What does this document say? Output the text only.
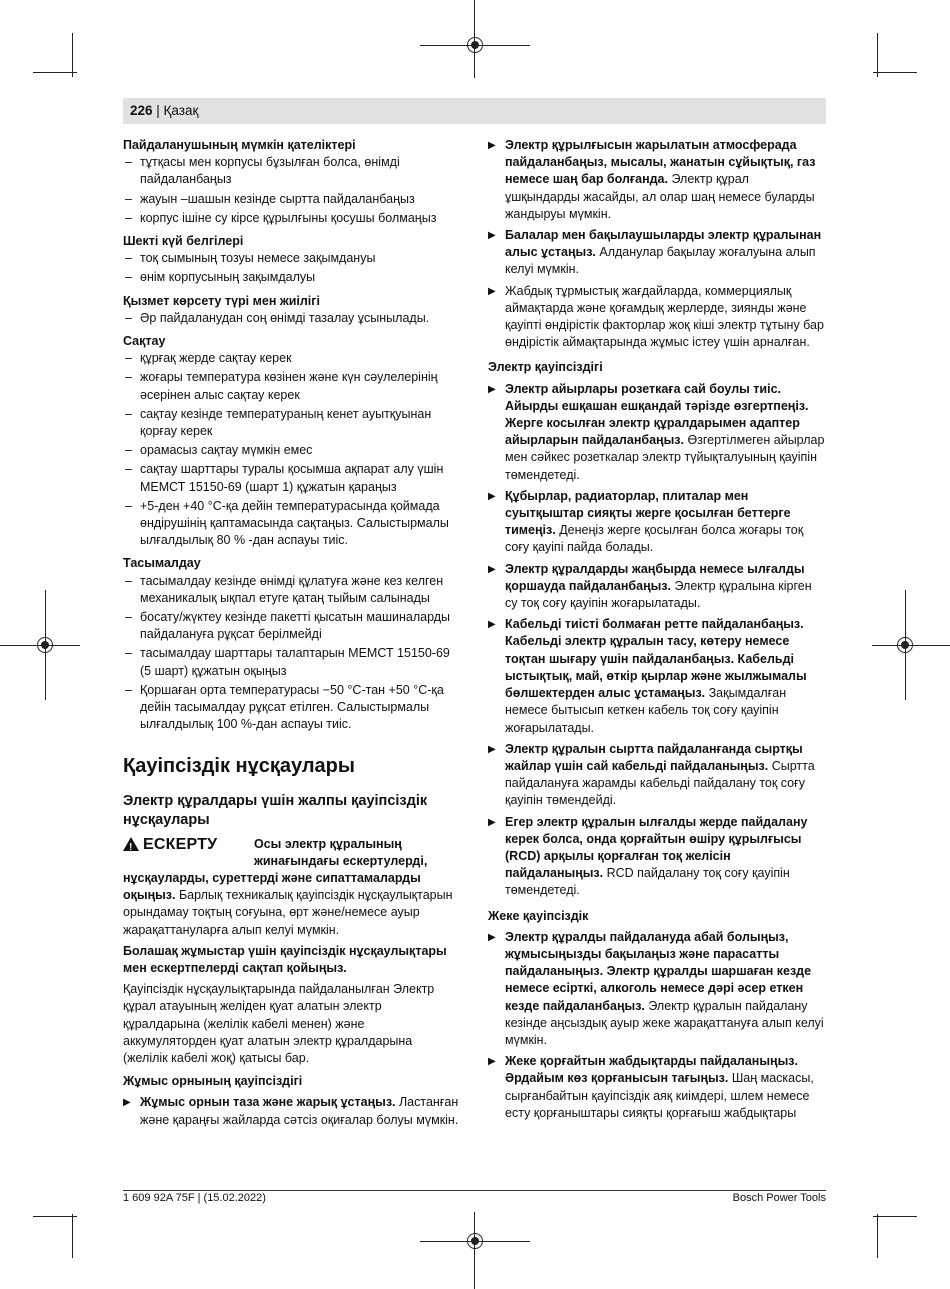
226 | Қазақ
Пайдаланушының мүмкін қателіктері
– тұтқасы мен корпусы бұзылған болса, өнімді пайдаланбаңыз
– жауын –шашын кезінде сыртта пайдаланбаңыз
– корпус ішіне су кірсе құрылғыны қосушы болмаңыз
Шекті күй белгілері
– тоқ сымының тозуы немесе зақымдануы
– өнім корпусының зақымдалуы
Қызмет көрсету түрі мен жиілігі
– Әр пайдаланудан соң өнімді тазалау ұсынылады.
Сақтау
– құрғақ жерде сақтау керек
– жоғары температура көзінен және күн сәулелерінің әсерінен алыс сақтау керек
– сақтау кезінде температураның кенет ауытқуынан қорғау керек
– орамасыз сақтау мүмкін емес
– сақтау шарттары туралы қосымша ақпарат алу үшін МЕМСТ 15150-69 (шарт 1) құжатын қараңыз
– +5-ден +40 °C-қа дейін температурасында қоймада өндірушінің қаптамасында сақтаңыз. Салыстырмалы ылғалдылық 80 % -дан аспауы тиіс.
Тасымалдау
– тасымалдау кезінде өнімді құлатуға және кез келген механикалық ықпал етуге қатаң тыйым салынады
– босату/жүктеу кезінде пакетті қысатын машиналарды пайдалануға рұқсат берілмейді
– тасымалдау шарттары талаптарын МЕМСТ 15150-69 (5 шарт) құжатын оқыңыз
– Қоршаған орта температурасы −50 °C-тан +50 °C-қа дейін тасымалдау рұқсат етілген. Салыстырмалы ылғалдылық 100 %-дан аспауы тиіс.
Қауіпсіздік нұсқаулары
Электр құралдары үшін жалпы қауіпсіздік нұсқаулары
! ЕСКЕРТУ	Осы электр құралының жинағындағы ескертулерді,
нұсқауларды, суреттерді және сипаттамаларды оқыңыз. Барлық техникалық қауіпсіздік нұсқаулықтарын орындамау тоқтың соғуына, өрт және/немесе ауыр жарақаттануларға алып келуі мүмкін.
Болашақ жұмыстар үшін қауіпсіздік нұсқаулықтары мен ескертпелерді сақтап қойыңыз.
Қауіпсіздік нұсқаулықтарында пайдаланылған Электр құрал атауының желіден қуат алатын электр құралдарына (желілік кабелі менен) және аккумуляторден қуат алатын электр құралдарына (желілік кабелі жоқ) қатысы бар.
Жұмыс орнының қауіпсіздігі
▶ Жұмыс орнын таза және жарық ұстаңыз. Ластанған және қараңғы жайларда сәтсіз оқиғалар болуы мүмкін.
▶ Электр құрылғысын жарылатын атмосферада пайдаланбаңыз, мысалы, жанатын сұйықтық, газ немесе шаң бар болғанда. Электр құрал ұшқындарды жасайды, ал олар шаң немесе буларды жандыруы мүмкін.
▶ Балалар мен бақылаушыларды электр құралынан алыс ұстаңыз. Алданулар бақылау жоғалуына алып келуі мүмкін.
▶ Жабдық тұрмыстық жағдайларда, коммерциялық аймақтарда және қоғамдық жерлерде, зиянды және қауіпті өндірістік факторлар жоқ кіші электр тұтыну бар өндірістік аймақтарында жұмыс істеу үшін арналған.
Электр қауіпсіздігі
▶ Электр айырлары розеткаға сай боулы тиіс. Айырды ешқашан ешқандай тәрізде өзгертпеңіз. Жерге косылған электр құралдарымен адаптер айырларын пайдаланбаңыз. Өзгертілмеген айырлар мен сәйкес розеткалар электр түйықталуының қауіпін төмендетеді.
▶ Құбырлар, радиаторлар, плиталар мен суытқыштар сияқты жерге қосылған беттерге тимеңіз. Денеңіз жерге қосылған болса жоғары тоқ соғу қауіпі пайда болады.
▶ Электр құралдарды жаңбырда немесе ылғалды қоршауда пайдаланбаңыз. Электр құралына кірген су тоқ соғу қауіпін жоғарылатады.
▶ Кабельді тиісті болмаған ретте пайдаланбаңыз. Кабельді электр құралын тасу, көтеру немесе тоқтан шығару үшін пайдаланбаңыз. Кабельді ыстықтық, май, өткір қырлар және жылжымалы бөлшектерден алыс ұстамаңыз. Зақымдалған немесе бытысып кеткен кабель тоқ соғу қауіпін жоғарылатады.
▶ Электр құралын сыртта пайдаланғанда сыртқы жайлар үшін сай кабельді пайдаланыңыз. Сыртта пайдалануға жарамды кабельді пайдалану тоқ соғу қауіпін төмендейді.
▶ Егер электр құралын ылғалды жерде пайдалану керек болса, онда қорғайтын өшіру құрылғысы (RCD) арқылы қорғалған тоқ желісін пайдаланыңыз. RCD пайдалану тоқ соғу қауіпін төмендетеді.
Жеке қауіпсіздік
▶ Электр құралды пайдалануда абай болыңыз, жұмысыңызды бақылаңыз және парасатты пайдаланыңыз. Электр құралды шаршаған кезде немесе есірткі, алкоголь немесе дәрі әсер еткен кезде пайдаланбаңыз. Электр құралын пайдалану кезінде аңсыздық ауыр жеке жарақаттануға алып келуі мүмкін.
▶ Жеке қорғайтын жабдықтарды пайдаланыңыз. Әрдайым көз қорғанысын тағыңыз. Шаң маскасы, сырғанбайтын қауіпсіздік аяқ киімдері, шлем немесе есту қорғаныштары сияқты қорғағыш жабдықтары
1 609 92A 75F | (15.02.2022)	Bosch Power Tools
